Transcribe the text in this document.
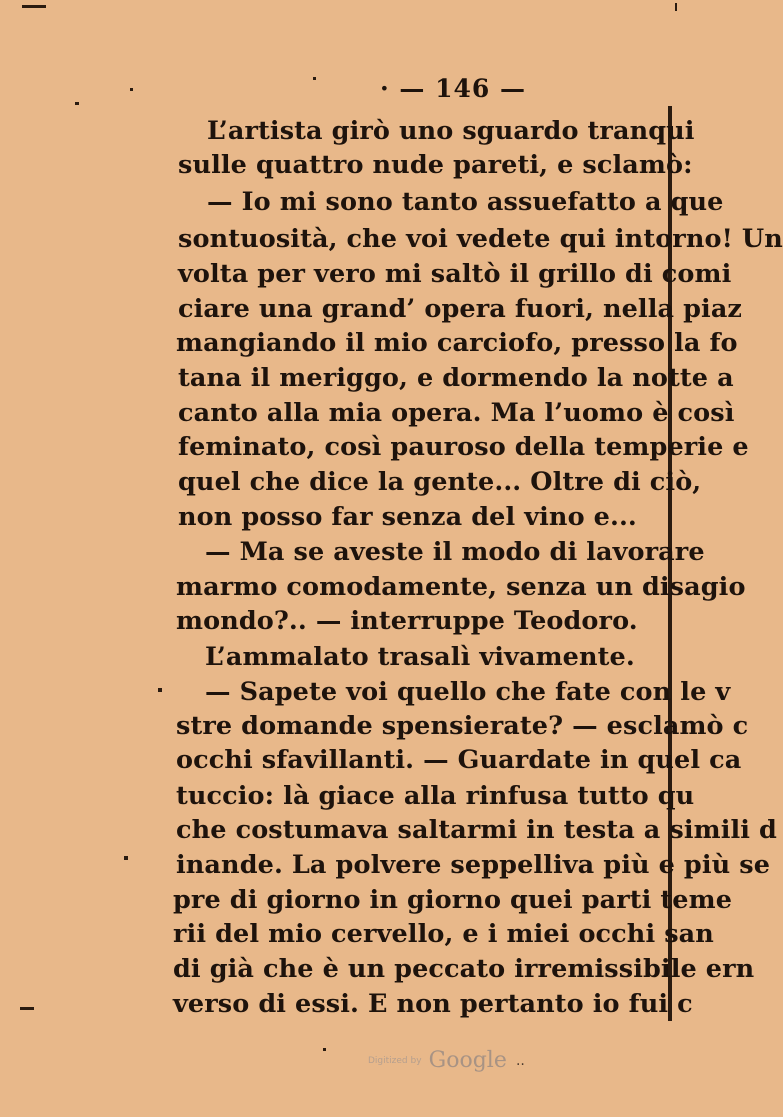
· — 146 —
L’artista girò uno sguardo tranqui
sulle quattro nude pareti, e sclamò:
— Io mi sono tanto assuefatto a que
sontuosità, che voi vedete qui intorno! Un
volta per vero mi saltò il grillo di comi
ciare una grand’ opera fuori, nella piaz
mangiando il mio carciofo, presso la fo
tana il meriggo, e dormendo la notte a
canto alla mia opera. Ma l’uomo è così
feminato, così pauroso della temperie e
quel che dice la gente... Oltre di ciò,
non posso far senza del vino e...
— Ma se aveste il modo di lavorare
marmo comodamente, senza un disagio
mondo?.. — interruppe Teodoro.
L’ammalato trasalì vivamente.
— Sapete voi quello che fate con le v
stre domande spensierate? — esclamò c
occhi sfavillanti. — Guardate in quel ca
tuccio: là giace alla rinfusa tutto qu
che costumava saltarmi in testa a simili d
inande. La polvere seppelliva più e più se
pre di giorno in giorno quei parti teme
rii del mio cervello, e i miei occhi san
di già che è un peccato irremissibile ern
verso di essi. E non pertanto io fui c
Digitized by Google ..
